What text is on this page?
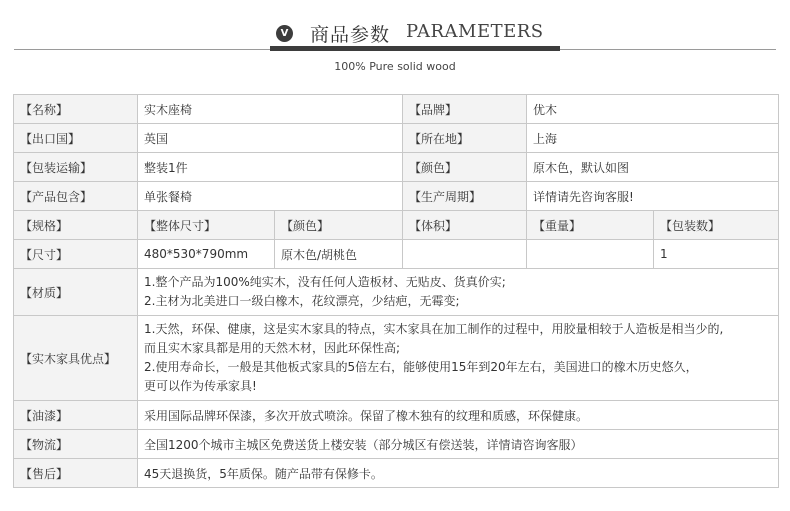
V 商品参数 PARAMETERS
100% Pure solid wood
【名称】	实木座椅		【品牌】	优木	
【出口国】	英国		【所在地】	上海	
【包装运输】	整装1件		【颜色】	原木色，默认如图	
【产品包含】	单张餐椅		【生产周期】	详情请先咨询客服!	
【规格】	【整体尺寸】	【颜色】	【体积】	【重量】	【包装数】
【尺寸】	480*530*790mm	原木色/胡桃色			1
【材质】	1.整个产品为100%纯实木，没有任何人造板材、无贴皮、货真价实;
2.主材为北美进口一级白橡木，花纹漂亮，少结疤，无霉变;				

【实木家具优点】	1.天然，环保、健康，这是实木家具的特点，实木家具在加工制作的过程中，用胶量相较于人造板是相当少的,
而且实木家具都是用的天然木材，因此环保性高;
2.使用寿命长，一般是其他板式家具的5倍左右，能够使用15年到20年左右，美国进口的橡木历史悠久，
更可以作为传承家具!				

【油漆】	采用国际品牌环保漆，多次开放式喷涂。保留了橡木独有的纹理和质感，环保健康。				
【物流】	全国1200个城市主城区免费送货上楼安装（部分城区有偿送装，详情请咨询客服）				
【售后】	45天退换货，5年质保。随产品带有保修卡。				
